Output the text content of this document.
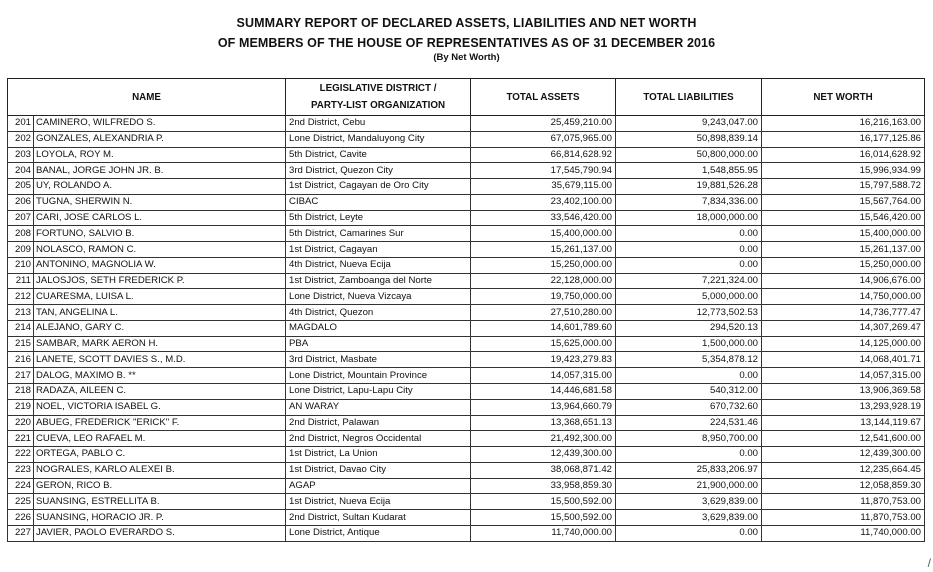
SUMMARY REPORT OF DECLARED ASSETS, LIABILITIES AND NET WORTH
OF MEMBERS OF THE HOUSE OF REPRESENTATIVES AS OF 31 DECEMBER 2016
(By Net Worth)
NAME		LEGISLATIVE DISTRICT /
PARTY-LIST ORGANIZATION	TOTAL ASSETS	TOTAL LIABILITIES	NET WORTH
201	CAMINERO, WILFREDO S.	2nd District, Cebu	25,459,210.00	9,243,047.00	16,216,163.00
202	GONZALES, ALEXANDRIA P.	Lone District, Mandaluyong City	67,075,965.00	50,898,839.14	16,177,125.86
203	LOYOLA, ROY M.	5th District, Cavite	66,814,628.92	50,800,000.00	16,014,628.92
204	BANAL, JORGE JOHN JR. B.	3rd District, Quezon City	17,545,790.94	1,548,855.95	15,996,934.99
205	UY, ROLANDO A.	1st District, Cagayan de Oro City	35,679,115.00	19,881,526.28	15,797,588.72
206	TUGNA, SHERWIN N.	CIBAC	23,402,100.00	7,834,336.00	15,567,764.00
207	CARI, JOSE CARLOS L.	5th District, Leyte	33,546,420.00	18,000,000.00	15,546,420.00
208	FORTUNO, SALVIO B.	5th District, Camarines Sur	15,400,000.00	0.00	15,400,000.00
209	NOLASCO, RAMON C.	1st District, Cagayan	15,261,137.00	0.00	15,261,137.00
210	ANTONINO, MAGNOLIA W.	4th District, Nueva Ecija	15,250,000.00	0.00	15,250,000.00
211	JALOSJOS, SETH FREDERICK P.	1st District, Zamboanga del Norte	22,128,000.00	7,221,324.00	14,906,676.00
212	CUARESMA, LUISA L.	Lone District, Nueva Vizcaya	19,750,000.00	5,000,000.00	14,750,000.00
213	TAN, ANGELINA L.	4th District, Quezon	27,510,280.00	12,773,502.53	14,736,777.47
214	ALEJANO, GARY C.	MAGDALO	14,601,789.60	294,520.13	14,307,269.47
215	SAMBAR, MARK AERON H.	PBA	15,625,000.00	1,500,000.00	14,125,000.00
216	LANETE, SCOTT DAVIES S., M.D.	3rd District, Masbate	19,423,279.83	5,354,878.12	14,068,401.71
217	DALOG, MAXIMO B. **	Lone District, Mountain Province	14,057,315.00	0.00	14,057,315.00
218	RADAZA, AILEEN C.	Lone District, Lapu-Lapu City	14,446,681.58	540,312.00	13,906,369.58
219	NOEL, VICTORIA ISABEL G.	AN WARAY	13,964,660.79	670,732.60	13,293,928.19
220	ABUEG, FREDERICK "ERICK" F.	2nd District, Palawan	13,368,651.13	224,531.46	13,144,119.67
221	CUEVA, LEO RAFAEL M.	2nd District, Negros Occidental	21,492,300.00	8,950,700.00	12,541,600.00
222	ORTEGA, PABLO C.	1st District, La Union	12,439,300.00	0.00	12,439,300.00
223	NOGRALES, KARLO ALEXEI B.	1st District, Davao City	38,068,871.42	25,833,206.97	12,235,664.45
224	GERON, RICO B.	AGAP	33,958,859.30	21,900,000.00	12,058,859.30
225	SUANSING, ESTRELLITA B.	1st District, Nueva Ecija	15,500,592.00	3,629,839.00	11,870,753.00
226	SUANSING, HORACIO JR. P.	2nd District, Sultan Kudarat	15,500,592.00	3,629,839.00	11,870,753.00
227	JAVIER, PAOLO EVERARDO S.	Lone District, Antique	11,740,000.00	0.00	11,740,000.00
/
